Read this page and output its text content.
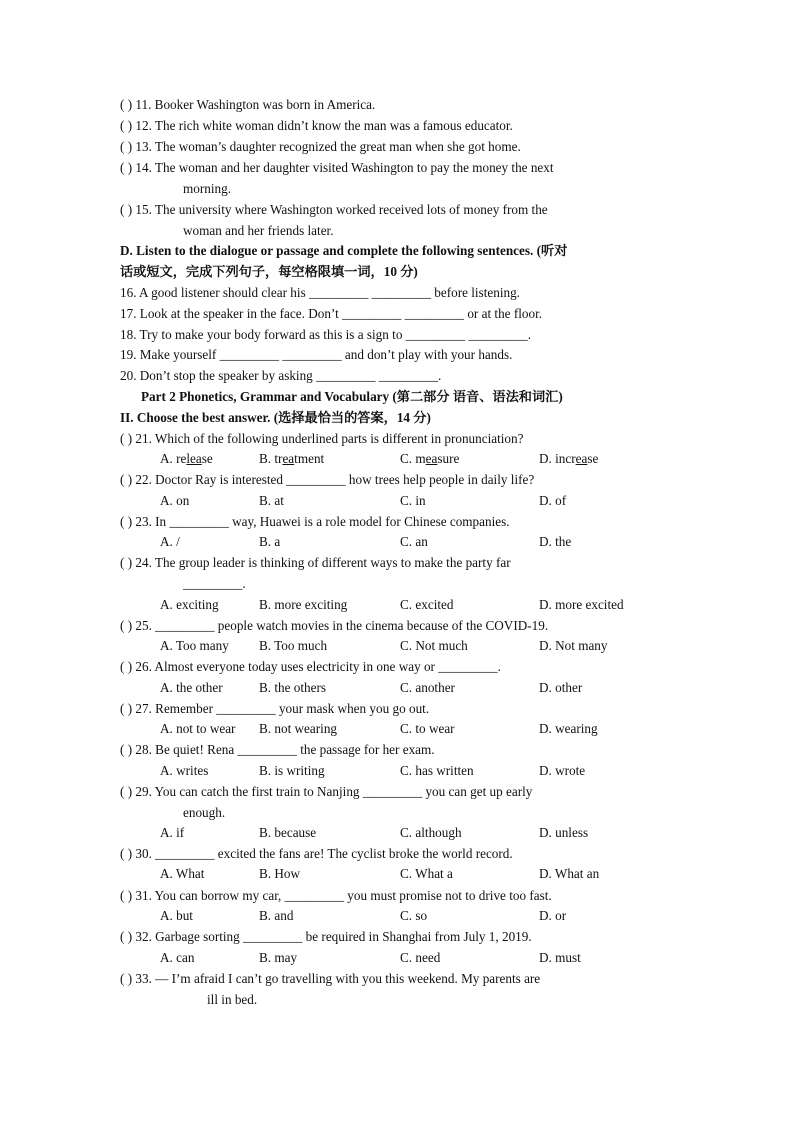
( ) 11. Booker Washington was born in America.
( ) 12. The rich white woman didn’t know the man was a famous educator.
( ) 13. The woman’s daughter recognized the great man when she got home.
( ) 14. The woman and her daughter visited Washington to pay the money the next
morning.
( ) 15. The university where Washington worked received lots of money from the
woman and her friends later.
D. Listen to the dialogue or passage and complete the following sentences. (听对
话或短文，完成下列句子，每空格限填一词，10 分)
16. A good listener should clear his _________ _________ before listening.
17. Look at the speaker in the face. Don’t _________ _________ or at the floor.
18. Try to make your body forward as this is a sign to _________ _________.
19. Make yourself _________ _________ and don’t play with your hands.
20. Don’t stop the speaker by asking _________ _________.
Part 2 Phonetics, Grammar and Vocabulary (第二部分 语音、语法和词汇)
II. Choose the best answer. (选择最恰当的答案，14 分)
( ) 21. Which of the following underlined parts is different in pronunciation?
( ) 22. Doctor Ray is interested _________ how trees help people in daily life?
( ) 23. In _________ way, Huawei is a role model for Chinese companies.
( ) 24. The group leader is thinking of different ways to make the party far
_________.
( ) 25. _________ people watch movies in the cinema because of the COVID-19.
( ) 26. Almost everyone today uses electricity in one way or _________.
( ) 27. Remember _________ your mask when you go out.
( ) 28. Be quiet! Rena _________ the passage for her exam.
( ) 29. You can catch the first train to Nanjing _________ you can get up early
enough.
( ) 30. _________ excited the fans are! The cyclist broke the world record.
( ) 31. You can borrow my car, _________ you must promise not to drive too fast.
( ) 32. Garbage sorting _________ be required in Shanghai from July 1, 2019.
( ) 33. — I’m afraid I can’t go travelling with you this weekend. My parents are
ill in bed.
A. release	B. treatment	C. measure	D. increase
A. on	B. at	C. in	D. of
A. /	B. a	C. an	D. the
A. exciting	B. more exciting	C. excited	D. more excited
A. Too many B. Too much	C. Not much	D. Not many
A. the other	B. the others	C. another	D. other
A. not to wear B. not wearing	C. to wear	D. wearing
A. writes	B. is writing	C. has written	D. wrote
A. if	B. because	C. although	D. unless
A. What	B. How	C. What a	D. What an
A. but	B. and	C. so	D. or
A. can	B. may	C. need	D. must
